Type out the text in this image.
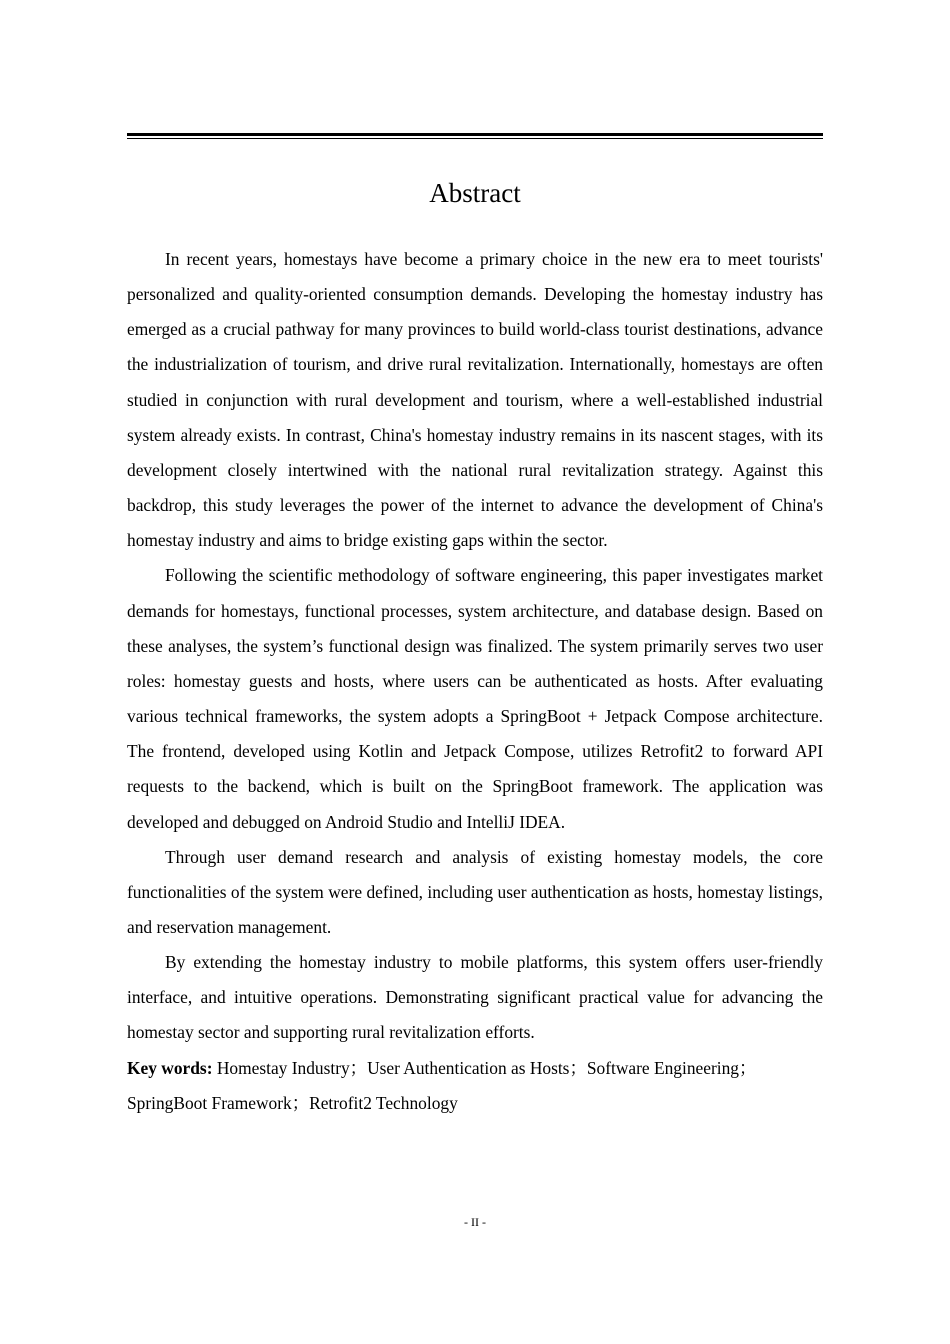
Abstract

In recent years, homestays have become a primary choice in the new era to meet tourists' personalized and quality-oriented consumption demands. Developing the homestay industry has emerged as a crucial pathway for many provinces to build world-class tourist destinations, advance the industrialization of tourism, and drive rural revitalization. Internationally, homestays are often studied in conjunction with rural development and tourism, where a well-established industrial system already exists. In contrast, China's homestay industry remains in its nascent stages, with its development closely intertwined with the national rural revitalization strategy. Against this backdrop, this study leverages the power of the internet to advance the development of China's homestay industry and aims to bridge existing gaps within the sector.

Following the scientific methodology of software engineering, this paper investigates market demands for homestays, functional processes, system architecture, and database design. Based on these analyses, the system’s functional design was finalized. The system primarily serves two user roles: homestay guests and hosts, where users can be authenticated as hosts. After evaluating various technical frameworks, the system adopts a SpringBoot + Jetpack Compose architecture. The frontend, developed using Kotlin and Jetpack Compose, utilizes Retrofit2 to forward API requests to the backend, which is built on the SpringBoot framework. The application was developed and debugged on Android Studio and IntelliJ IDEA.

Through user demand research and analysis of existing homestay models, the core functionalities of the system were defined, including user authentication as hosts, homestay listings, and reservation management.

By extending the homestay industry to mobile platforms, this system offers user-friendly interface, and intuitive operations. Demonstrating significant practical value for advancing the homestay sector and supporting rural revitalization efforts.

Key words: Homestay Industry；User Authentication as Hosts；Software Engineering；SpringBoot Framework；Retrofit2 Technology

- II -
